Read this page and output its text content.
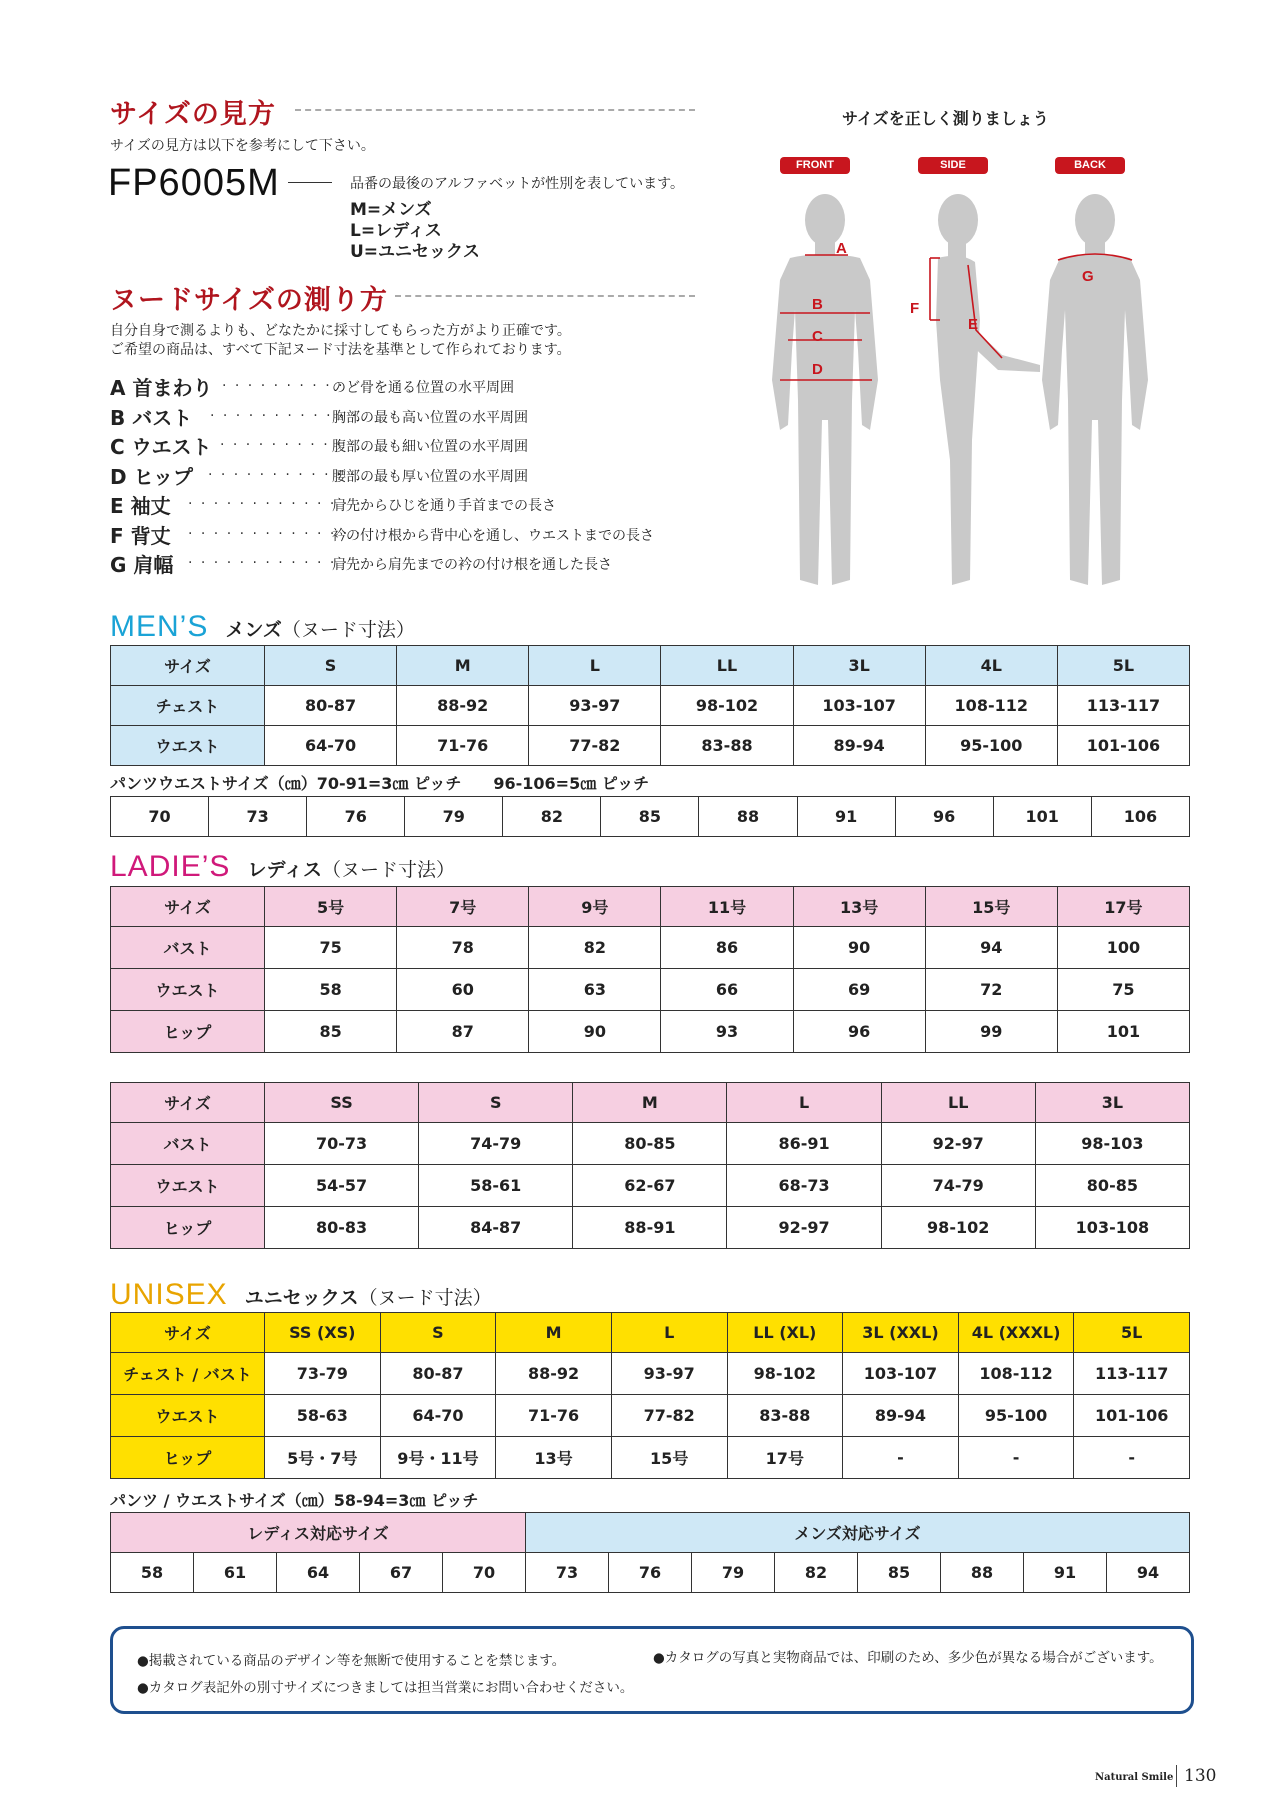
サイズの見方
サイズの見方は以下を参考にして下さい。
FP6005M	品番の最後のアルファベットが性別を表しています。
M=メンズ
L=レディス
U=ユニセックス
ヌードサイズの測り方
自分自身で測るよりも、どなたかに採寸してもらった方がより正確です。
ご希望の商品は、すべて下記ヌード寸法を基準として作られております。
A 首まわり . . . . . . . . . .
のど骨を通る位置の水平周囲
B バスト . . . . . . . . . . . .
胸部の最も高い位置の水平周囲
C ウエスト . . . . . . . . . . .
腹部の最も細い位置の水平周囲
D ヒップ . . . . . . . . . . . .
腰部の最も厚い位置の水平周囲
E 袖丈 . . . . . . . . . . . . . .
肩先からひじを通り手首までの長さ
F 背丈 . . . . . . . . . . . . . .
衿の付け根から背中心を通し、ウエストまでの長さ
G 肩幅 . . . . . . . . . . . . . .
肩先から肩先までの衿の付け根を通した長さ
サイズを正しく測りましょう
FRONT	SIDE	BACK
A
B
C
D
E
F
G
MEN’S メンズ（ヌード寸法）
サイズ	S	M	L	LL	3L	4L	5L
チェスト	80-87	88-92	93-97	98-102	103-107	108-112	113-117
ウエスト	64-70	71-76	77-82	83-88	89-94	95-100	101-106
パンツウエストサイズ（㎝）70-91=3㎝ ピッチ　　96-106=5㎝ ピッチ
70	73	76	79	82	85	88	91	96	101	106
LADIE’S レディス（ヌード寸法）
サイズ	5号	7号	9号	11号	13号	15号	17号
バスト	75	78	82	86	90	94	100
ウエスト	58	60	63	66	69	72	75
ヒップ	85	87	90	93	96	99	101
サイズ	SS	S	M	L	LL	3L
バスト	70-73	74-79	80-85	86-91	92-97	98-103
ウエスト	54-57	58-61	62-67	68-73	74-79	80-85
ヒップ	80-83	84-87	88-91	92-97	98-102	103-108
UNISEX ユニセックス（ヌード寸法）
サイズ	SS (XS)	S	M	L	LL (XL)	3L (XXL)	4L (XXXL)	5L
チェスト / バスト	73-79	80-87	88-92	93-97	98-102	103-107	108-112	113-117
ウエスト	58-63	64-70	71-76	77-82	83-88	89-94	95-100	101-106
ヒップ	5号・7号	9号・11号	13号	15号	17号	-	-	-
パンツ / ウエストサイズ（㎝）58-94=3㎝ ピッチ
レディス対応サイズ					メンズ対応サイズ							
58	61	64	67	70	73	76	79	82	85	88	91	94

●掲載されている商品のデザイン等を無断で使用することを禁じます。	●カタログの写真と実物商品では、印刷のため、多少色が異なる場合がございます。

●カタログ表記外の別寸サイズにつきましては担当営業にお問い合わせください。

Natural Smile 130
